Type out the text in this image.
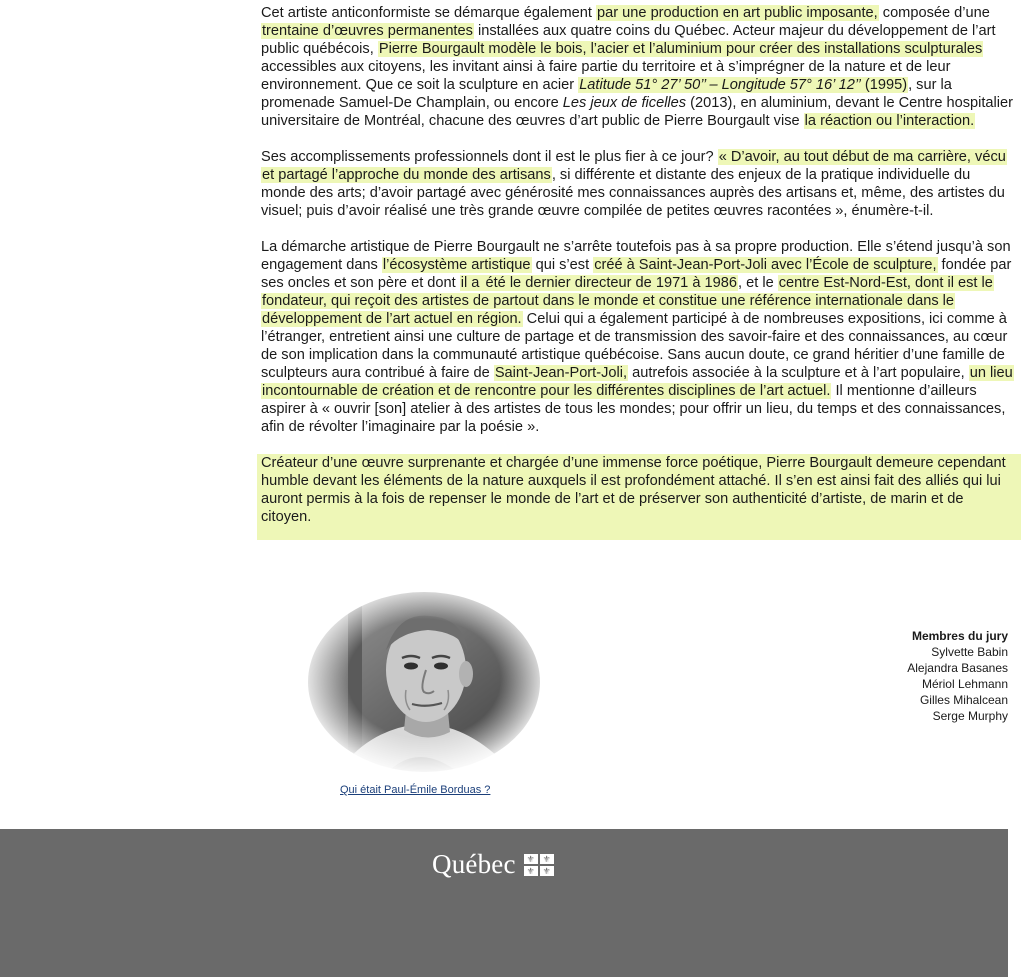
Cet artiste anticonformiste se démarque également par une production en art public imposante, composée d’une trentaine d’œuvres permanentes installées aux quatre coins du Québec. Acteur majeur du développement de l’art public québécois, Pierre Bourgault modèle le bois, l’acier et l’aluminium pour créer des installations sculpturales accessibles aux citoyens, les invitant ainsi à faire partie du territoire et à s’imprégner de la nature et de leur environnement. Que ce soit la sculpture en acier Latitude 51° 27’ 50’’ – Longitude 57° 16’ 12’’ (1995), sur la promenade Samuel-De Champlain, ou encore Les jeux de ficelles (2013), en aluminium, devant le Centre hospitalier universitaire de Montréal, chacune des œuvres d’art public de Pierre Bourgault vise la réaction ou l’interaction.

Ses accomplissements professionnels dont il est le plus fier à ce jour? « D’avoir, au tout début de ma carrière, vécu et partagé l’approche du monde des artisans, si différente et distante des enjeux de la pratique individuelle du monde des arts; d’avoir partagé avec générosité mes connaissances auprès des artisans et, même, des artistes du visuel; puis d’avoir réalisé une très grande œuvre compilée de petites œuvres racontées », énumère-t-il.

La démarche artistique de Pierre Bourgault ne s’arrête toutefois pas à sa propre production. Elle s’étend jusqu’à son engagement dans l’écosystème artistique qui s’est créé à Saint-Jean-Port-Joli avec l’École de sculpture, fondée par ses oncles et son père et dont il a été le dernier directeur de 1971 à 1986, et le centre Est-Nord-Est, dont il est le fondateur, qui reçoit des artistes de partout dans le monde et constitue une référence internationale dans le développement de l’art actuel en région. Celui qui a également participé à de nombreuses expositions, ici comme à l’étranger, entretient ainsi une culture de partage et de transmission des savoir-faire et des connaissances, au cœur de son implication dans la communauté artistique québécoise. Sans aucun doute, ce grand héritier d’une famille de sculpteurs aura contribué à faire de Saint-Jean-Port-Joli, autrefois associée à la sculpture et à l’art populaire, un lieu incontournable de création et de rencontre pour les différentes disciplines de l’art actuel. Il mentionne d’ailleurs aspirer à « ouvrir [son] atelier à des artistes de tous les mondes; pour offrir un lieu, du temps et des connaissances, afin de révolter l’imaginaire par la poésie ».

Créateur d’une œuvre surprenante et chargée d’une immense force poétique, Pierre Bourgault demeure cependant humble devant les éléments de la nature auxquels il est profondément attaché. Il s’en est ainsi fait des alliés qui lui auront permis à la fois de repenser le monde de l’art et de préserver son authenticité d’artiste, de marin et de citoyen.

Qui était Paul-Émile Borduas ?
Membres du jury
Sylvette Babin
Alejandra Basanes
Mériol Lehmann
Gilles Mihalcean
Serge Murphy
Québec	⚜ ⚜
⚜ ⚜
